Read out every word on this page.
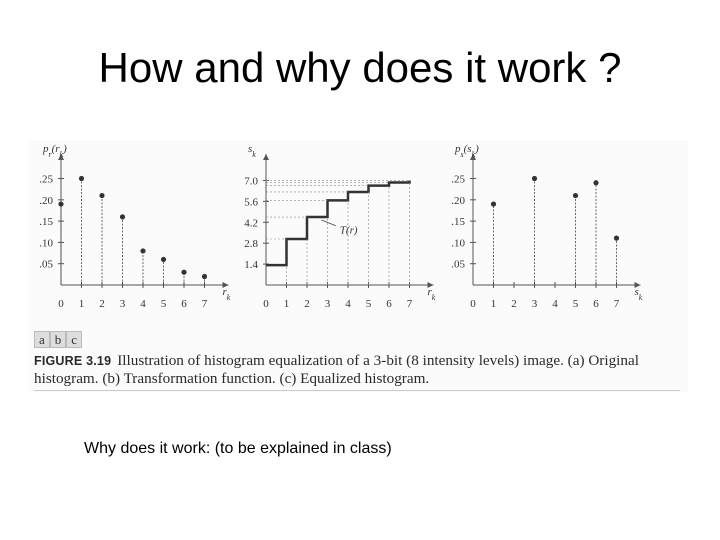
How and why does it work ?
0 1 2 3 4 5 6 7
.25
.20
.15
.10
.05
$p_r(r_k)$
$r_k$
0 1 2 3 4 5 6 7
7.0
5.6
4.2
2.8
1.4
$s_k$
$r_k$
T(r)
0 1 2 3 4 5 6 7
.25
.20
.15
.10
.05
$p_s(s_k)$
$s_k$
a b c
FIGURE 3.19 Illustration of histogram equalization of a 3-bit (8 intensity levels) image. (a) Original histogram. (b) Transformation function. (c) Equalized histogram.
Why does it work: (to be explained in class)
